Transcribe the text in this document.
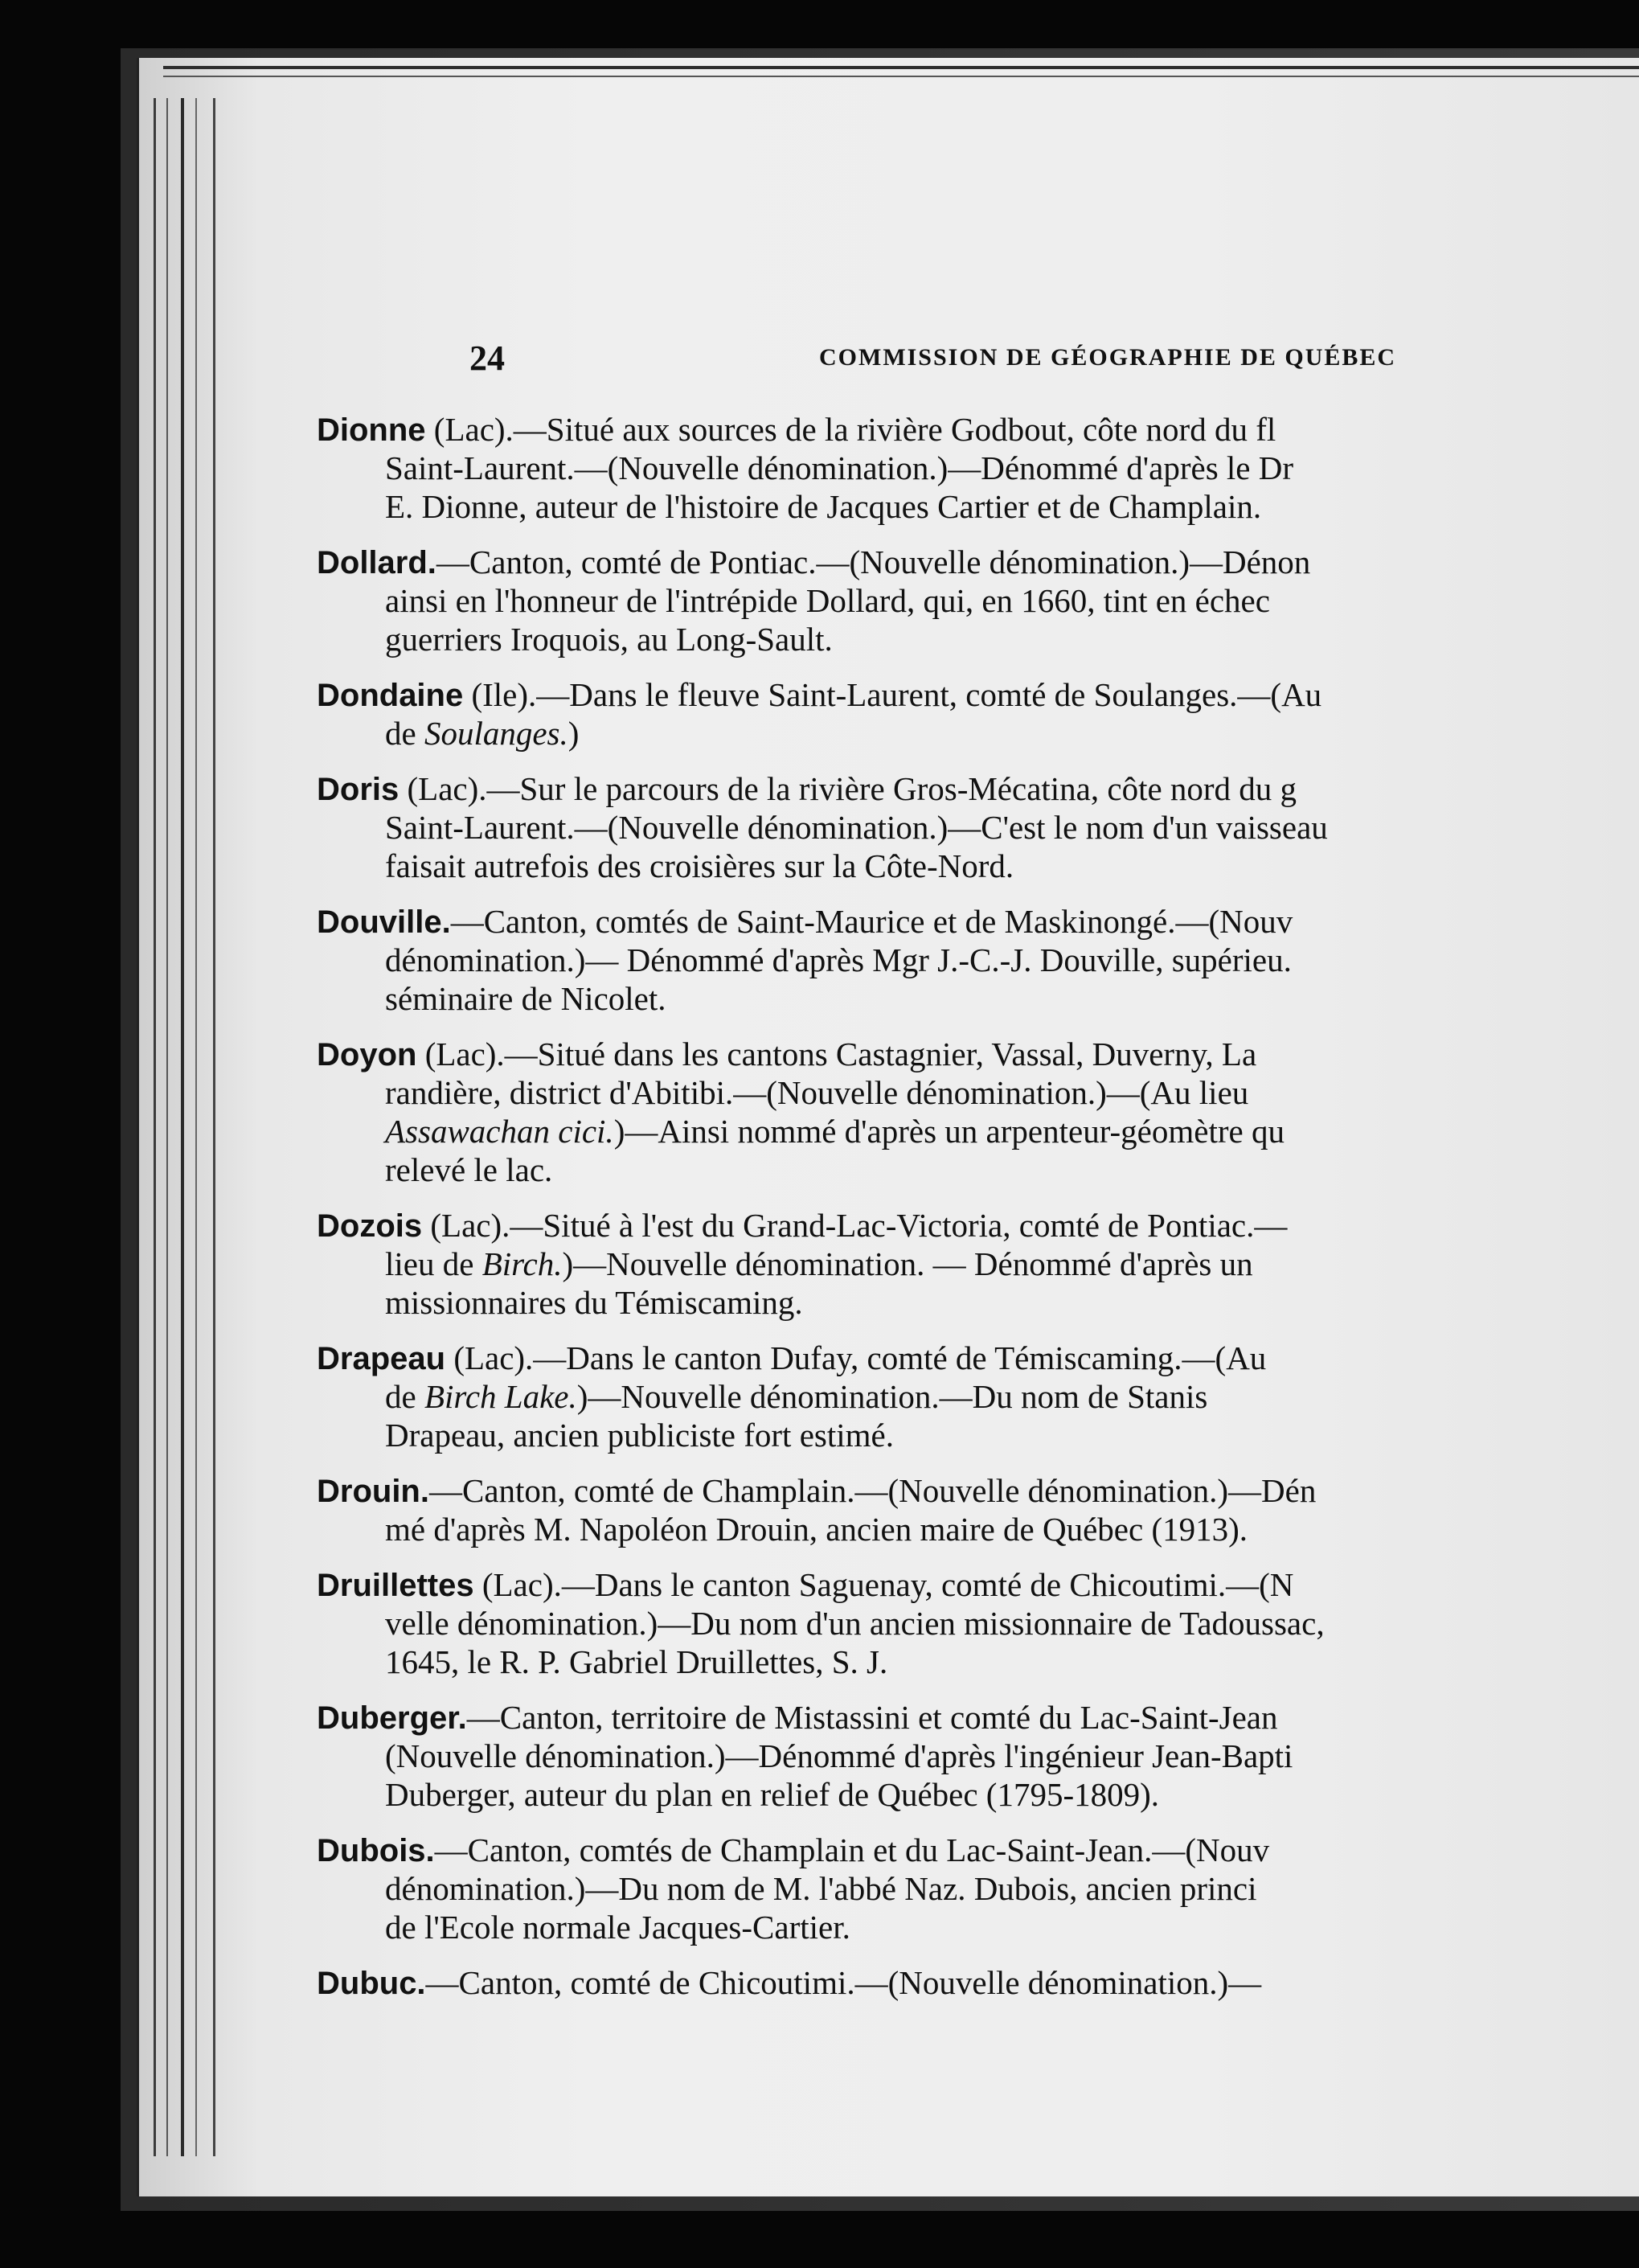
24	COMMISSION DE GÉOGRAPHIE DE QUÉBEC
Dionne (Lac).—Situé aux sources de la rivière Godbout, côte nord du fl
Saint-Laurent.—(Nouvelle dénomination.)—Dénommé d'après le Dr
E. Dionne, auteur de l'histoire de Jacques Cartier et de Champlain.
Dollard.—Canton, comté de Pontiac.—(Nouvelle dénomination.)—Dénon
ainsi en l'honneur de l'intrépide Dollard, qui, en 1660, tint en échec
guerriers Iroquois, au Long-Sault.
Dondaine (Ile).—Dans le fleuve Saint-Laurent, comté de Soulanges.—(Au
de Soulanges.)
Doris (Lac).—Sur le parcours de la rivière Gros-Mécatina, côte nord du g
Saint-Laurent.—(Nouvelle dénomination.)—C'est le nom d'un vaisseau
faisait autrefois des croisières sur la Côte-Nord.
Douville.—Canton, comtés de Saint-Maurice et de Maskinongé.—(Nouv
dénomination.)— Dénommé d'après Mgr J.-C.-J. Douville, supérieu.
séminaire de Nicolet.
Doyon (Lac).—Situé dans les cantons Castagnier, Vassal, Duverny, La
randière, district d'Abitibi.—(Nouvelle dénomination.)—(Au lieu
Assawachan cici.)—Ainsi nommé d'après un arpenteur-géomètre qu
relevé le lac.
Dozois (Lac).—Situé à l'est du Grand-Lac-Victoria, comté de Pontiac.—
lieu de Birch.)—Nouvelle dénomination. — Dénommé d'après un
missionnaires du Témiscaming.
Drapeau (Lac).—Dans le canton Dufay, comté de Témiscaming.—(Au
de Birch Lake.)—Nouvelle dénomination.—Du nom de Stanis
Drapeau, ancien publiciste fort estimé.
Drouin.—Canton, comté de Champlain.—(Nouvelle dénomination.)—Dén
mé d'après M. Napoléon Drouin, ancien maire de Québec (1913).
Druillettes (Lac).—Dans le canton Saguenay, comté de Chicoutimi.—(N
velle dénomination.)—Du nom d'un ancien missionnaire de Tadoussac,
1645, le R. P. Gabriel Druillettes, S. J.
Duberger.—Canton, territoire de Mistassini et comté du Lac-Saint-Jean
(Nouvelle dénomination.)—Dénommé d'après l'ingénieur Jean-Bapti
Duberger, auteur du plan en relief de Québec (1795-1809).
Dubois.—Canton, comtés de Champlain et du Lac-Saint-Jean.—(Nouv
dénomination.)—Du nom de M. l'abbé Naz. Dubois, ancien princi
de l'Ecole normale Jacques-Cartier.
Dubuc.—Canton, comté de Chicoutimi.—(Nouvelle dénomination.)—
